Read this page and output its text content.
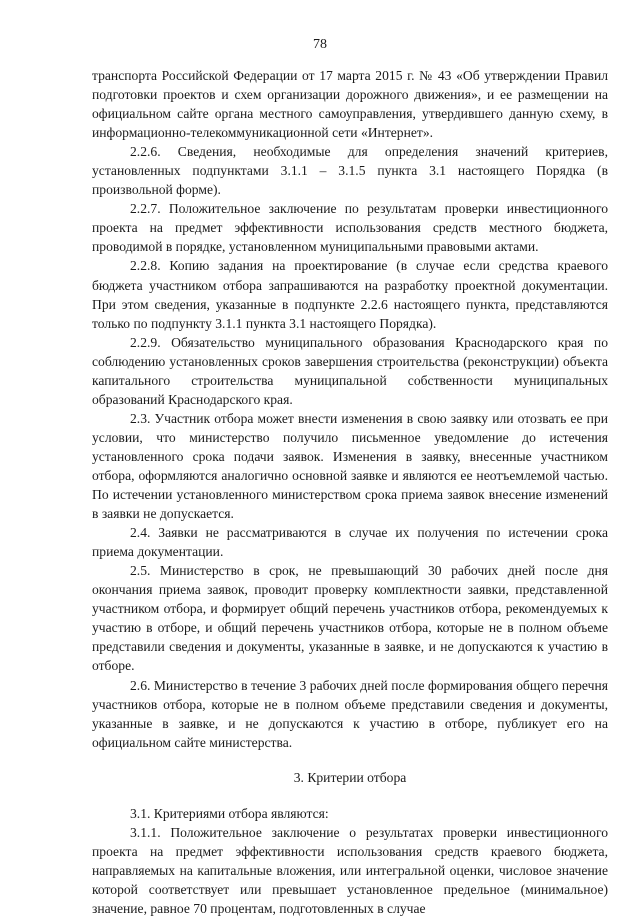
78

транспорта Российской Федерации от 17 марта 2015 г. № 43 «Об утверждении Правил подготовки проектов и схем организации дорожного движения», и ее размещении на официальном сайте органа местного самоуправления, утвердившего данную схему, в информационно-телекоммуникационной сети «Интернет».

2.2.6. Сведения, необходимые для определения значений критериев, установленных подпунктами 3.1.1 – 3.1.5 пункта 3.1 настоящего Порядка (в произвольной форме).

2.2.7. Положительное заключение по результатам проверки инвестиционного проекта на предмет эффективности использования средств местного бюджета, проводимой в порядке, установленном муниципальными правовыми актами.

2.2.8. Копию задания на проектирование (в случае если средства краевого бюджета участником отбора запрашиваются на разработку проектной документации. При этом сведения, указанные в подпункте 2.2.6 настоящего пункта, представляются только по подпункту 3.1.1 пункта 3.1 настоящего Порядка).

2.2.9. Обязательство муниципального образования Краснодарского края по соблюдению установленных сроков завершения строительства (реконструкции) объекта капитального строительства муниципальной собственности муниципальных образований Краснодарского края.

2.3. Участник отбора может внести изменения в свою заявку или отозвать ее при условии, что министерство получило письменное уведомление до истечения установленного срока подачи заявок. Изменения в заявку, внесенные участником отбора, оформляются аналогично основной заявке и являются ее неотъемлемой частью. По истечении установленного министерством срока приема заявок внесение изменений в заявки не допускается.

2.4. Заявки не рассматриваются в случае их получения по истечении срока приема документации.

2.5. Министерство в срок, не превышающий 30 рабочих дней после дня окончания приема заявок, проводит проверку комплектности заявки, представленной участником отбора, и формирует общий перечень участников отбора, рекомендуемых к участию в отборе, и общий перечень участников отбора, которые не в полном объеме представили сведения и документы, указанные в заявке, и не допускаются к участию в отборе.

2.6. Министерство в течение 3 рабочих дней после формирования общего перечня участников отбора, которые не в полном объеме представили сведения и документы, указанные в заявке, и не допускаются к участию в отборе, публикует его на официальном сайте министерства.

3. Критерии отбора

3.1. Критериями отбора являются:

3.1.1. Положительное заключение о результатах проверки инвестиционного проекта на предмет эффективности использования средств краевого бюджета, направляемых на капитальные вложения, или интегральной оценки, числовое значение которой соответствует или превышает установленное предельное (минимальное) значение, равное 70 процентам, подготовленных в случае
